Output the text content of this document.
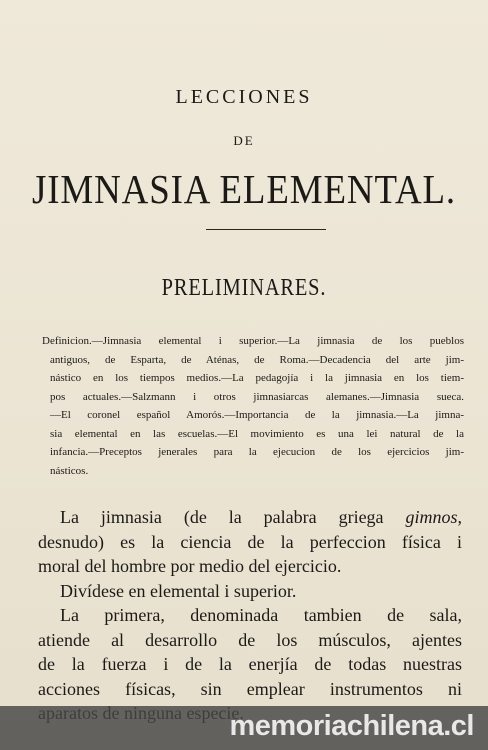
LECCIONES
DE
JIMNASIA ELEMENTAL.
PRELIMINARES.
Definicion.—Jimnasia elemental i superior.—La jimnasia de los pueblos
antiguos, de Esparta, de Aténas, de Roma.—Decadencia del arte jim-
nástico en los tiempos medios.—La pedagojía i la jimnasia en los tiem-
pos actuales.—Salzmann i otros jimnasiarcas alemanes.—Jimnasia sueca.
—El coronel español Amorós.—Importancia de la jimnasia.—La jimna-
sia elemental en las escuelas.—El movimiento es una lei natural de la
infancia.—Preceptos jenerales para la ejecucion de los ejercicios jim-
násticos.
La jimnasia (de la palabra griega gimnos,
desnudo) es la ciencia de la perfeccion física i
moral del hombre por medio del ejercicio.
Divídese en elemental i superior.
La primera, denominada tambien de sala,
atiende al desarrollo de los músculos, ajentes
de la fuerza i de la enerjía de todas nuestras
acciones físicas, sin emplear instrumentos ni
memoriachilena.cl
